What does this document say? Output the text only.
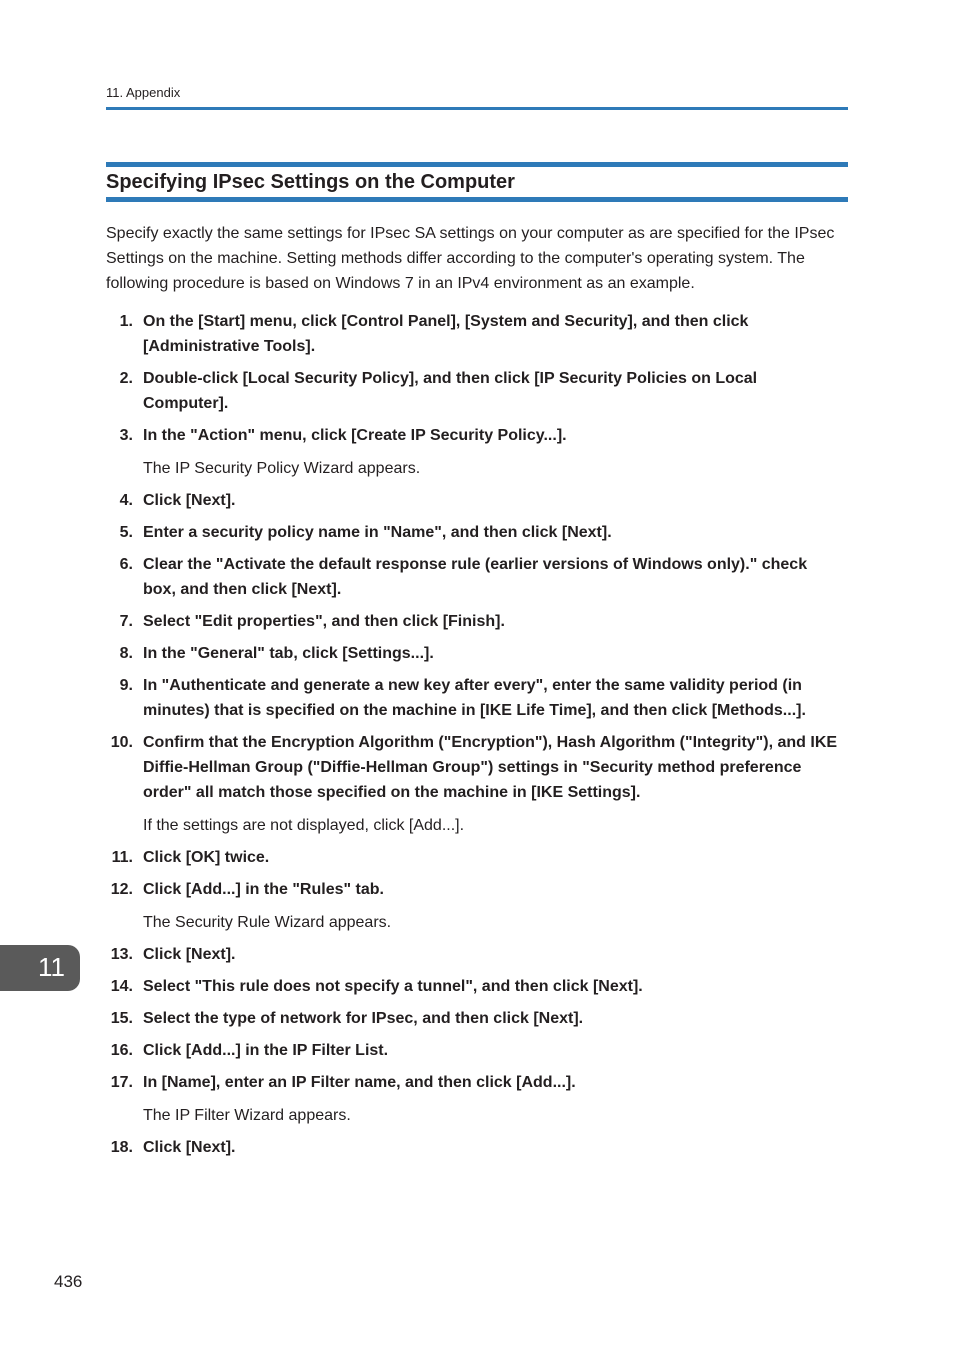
11. Appendix
Specifying IPsec Settings on the Computer

Specify exactly the same settings for IPsec SA settings on your computer as are specified for the IPsec Settings on the machine. Setting methods differ according to the computer's operating system. The following procedure is based on Windows 7 in an IPv4 environment as an example.

1. On the [Start] menu, click [Control Panel], [System and Security], and then click [Administrative Tools].

2. Double-click [Local Security Policy], and then click [IP Security Policies on Local Computer].

3. In the "Action" menu, click [Create IP Security Policy...].

The IP Security Policy Wizard appears.

4. Click [Next].

5. Enter a security policy name in "Name", and then click [Next].

6. Clear the "Activate the default response rule (earlier versions of Windows only)." check box, and then click [Next].

7. Select "Edit properties", and then click [Finish].

8. In the "General" tab, click [Settings...].

9. In "Authenticate and generate a new key after every", enter the same validity period (in minutes) that is specified on the machine in [IKE Life Time], and then click [Methods...].

10. Confirm that the Encryption Algorithm ("Encryption"), Hash Algorithm ("Integrity"), and IKE Diffie-Hellman Group ("Diffie-Hellman Group") settings in "Security method preference order" all match those specified on the machine in [IKE Settings].

If the settings are not displayed, click [Add...].

11. Click [OK] twice.

12. Click [Add...] in the "Rules" tab.

The Security Rule Wizard appears.

13. Click [Next].

14. Select "This rule does not specify a tunnel", and then click [Next].

15. Select the type of network for IPsec, and then click [Next].

16. Click [Add...] in the IP Filter List.

17. In [Name], enter an IP Filter name, and then click [Add...].

The IP Filter Wizard appears.

18. Click [Next].

11
436
